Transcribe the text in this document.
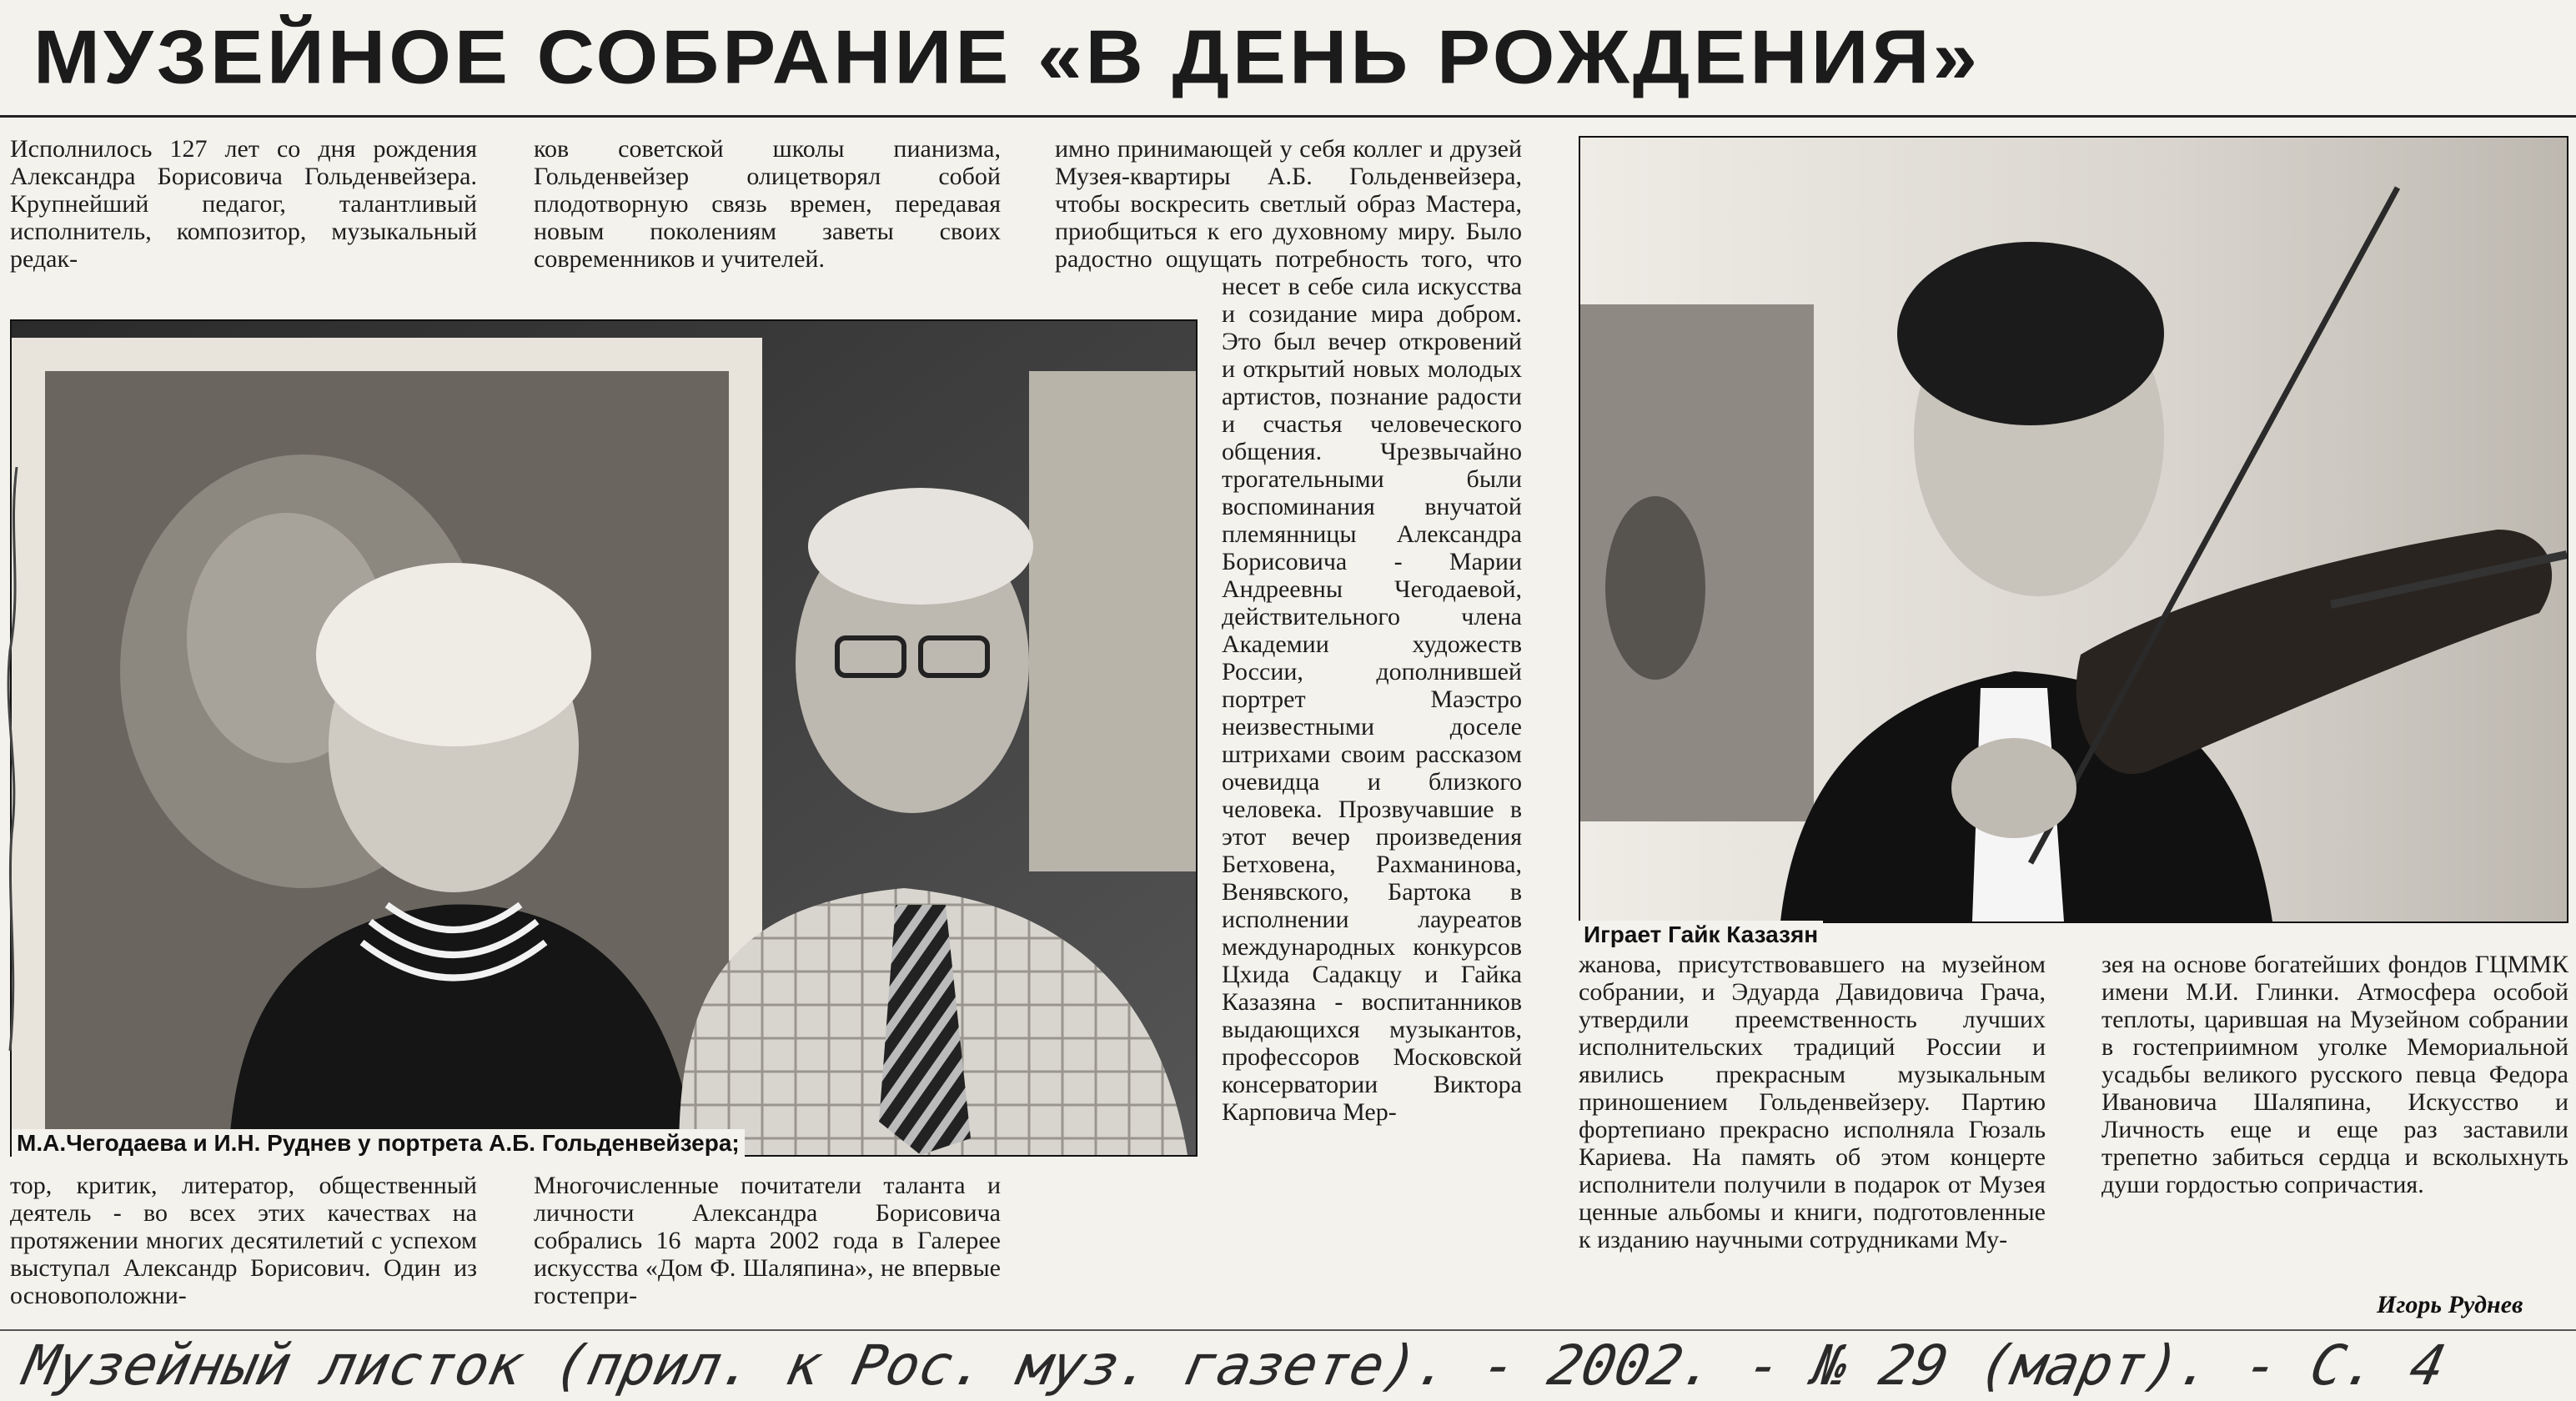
МУЗЕЙНОЕ СОБРАНИЕ «В ДЕНЬ РОЖДЕНИЯ»

Исполнилось 127 лет со дня рождения Александра Борисовича Гольденвейзера. Крупнейший педагог, талантливый исполнитель, композитор, музыкальный редак-

ков советской школы пианизма, Гольденвейзер олицетворял собой плодотворную связь времен, передавая новым поколениям заветы своих современников и учителей.

имно принимающей у себя коллег и друзей Музея-квартиры А.Б. Гольденвейзера, чтобы воскресить светлый образ Мастера, приобщиться к его духовному миру. Было радостно ощущать потребность того, что несет в себе сила искусства и созидание мира добром. Это был вечер откровений и открытий новых молодых артистов, познание радости и счастья человеческого общения. Чрезвычайно трогательными были воспоминания внучатой племянницы Александра Борисовича - Марии Андреевны Чегодаевой, действительного члена Академии художеств России, дополнившей портрет Маэстро неизвестными доселе штрихами своим рассказом очевидца и близкого человека. Прозвучавшие в этот вечер произведения Бетховена, Рахманинова, Венявского, Бартока в исполнении лауреатов международных конкурсов Цхида Садакцу и Гайка Казазяна - воспитанников выдающихся музыкантов, профессоров Московской консерватории Виктора Карповича Мер-

М.А.Чегодаева и И.Н. Руднев у портрета А.Б. Гольденвейзера;
Играет Гайк Казазян

тор, критик, литератор, общественный деятель - во всех этих качествах на протяжении многих десятилетий с успехом выступал Александр Борисович. Один из основоположни-

Многочисленные почитатели таланта и личности Александра Борисовича собрались 16 марта 2002 года в Галерее искусства «Дом Ф. Шаляпина», не впервые гостепри-

жанова, присутствовавшего на музейном собрании, и Эдуарда Давидовича Грача, утвердили преемственность лучших исполнительских традиций России и явились прекрасным музыкальным приношением Гольденвейзеру. Партию фортепиано прекрасно исполняла Гюзаль Кариева. На память об этом концерте исполнители получили в подарок от Музея ценные альбомы и книги, подготовленные к изданию научными сотрудниками Му-

зея на основе богатейших фондов ГЦММК имени М.И. Глинки. Атмосфера особой теплоты, царившая на Музейном собрании в гостеприимном уголке Мемориальной усадьбы великого русского певца Федора Ивановича Шаляпина, Искусство и Личность еще и еще раз заставили трепетно забиться сердца и всколыхнуть души гордостью сопричастия.

Игорь Руднев
Музейный листок (прил. к Рос. муз. газете). - 2002. - № 29 (март). - С. 4
